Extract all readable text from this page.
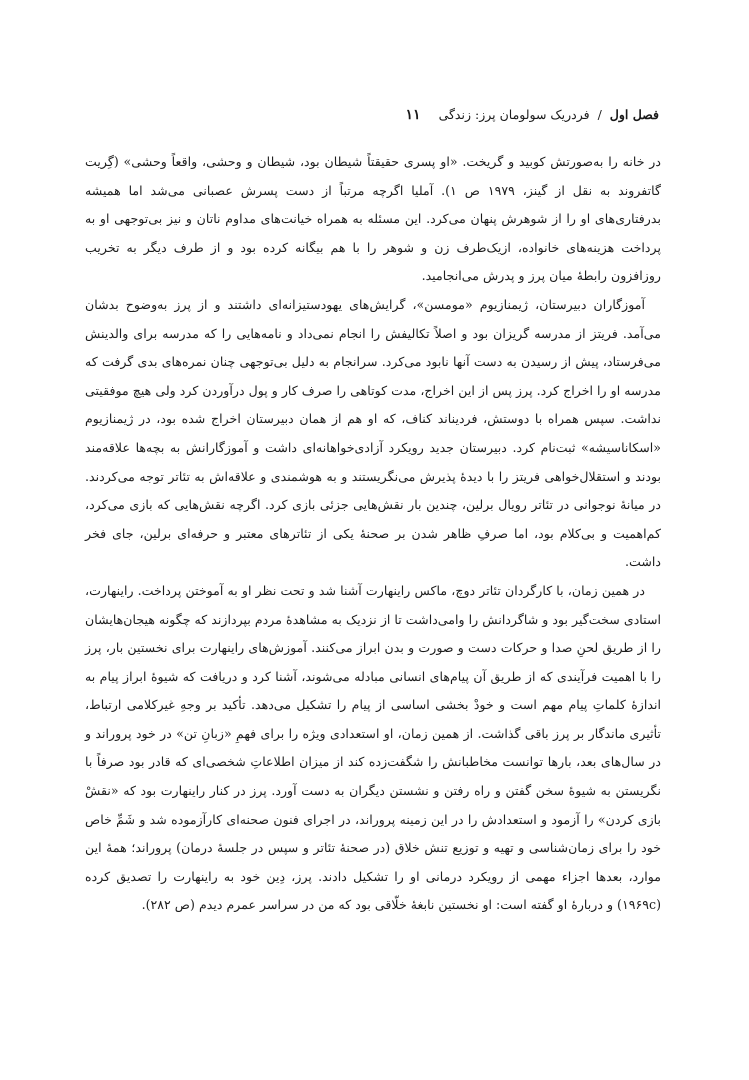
فصل اول / فردریک سولومان پرز: زندگی ۱۱

در خانه را به‌صورتش کوبید و گریخت. «او پسری حقیقتاً شیطان بود، شیطان و وحشی، واقعاً وحشی» (گِریت گاتفروند به نقل از گینز، ۱۹۷۹ ص ۱). آملیا اگرچه مرتباً از دست پسرش عصبانی می‌شد اما همیشه بدرفتاری‌های او را از شوهرش پنهان می‌کرد. این مسئله به همراه خیانت‌های مداوم ناتان و نیز بی‌توجهی او به پرداخت هزینه‌های خانواده، ازیک‌طرف زن و شوهر را با هم بیگانه کرده بود و از طرف دیگر به تخریب روزافزون رابطهٔ میان پرز و پدرش می‌انجامید.

آموزگاران دبیرستان، ژیمنازیوم «مومسن»، گرایش‌های یهودستیزانه‌ای داشتند و از پرز به‌وضوح بدشان می‌آمد. فریتز از مدرسه گریزان بود و اصلاً تکالیفش را انجام نمی‌داد و نامه‌هایی را که مدرسه برای والدینش می‌فرستاد، پیش از رسیدن به دست آنها نابود می‌کرد. سرانجام به دلیل بی‌توجهی چنان نمره‌های بدی گرفت که مدرسه او را اخراج کرد. پرز پس از این اخراج، مدت کوتاهی را صرف کار و پول درآوردن کرد ولی هیچ موفقیتی نداشت. سپس همراه با دوستش، فردیناند کناف، که او هم از همان دبیرستان اخراج شده بود، در ژیمنازیوم «اسکاناسیشه» ثبت‌نام کرد. دبیرستان جدید رویکرد آزادی‌خواهانه‌ای داشت و آموزگارانش به بچه‌ها علاقه‌مند بودند و استقلال‌خواهی فریتز را با دیدهٔ پذیرش می‌نگریستند و به هوشمندی و علاقه‌اش به تئاتر توجه می‌کردند. در میانهٔ نوجوانی در تئاتر رویال برلین، چندین بار نقش‌هایی جزئی بازی کرد. اگرچه نقش‌هایی که بازی می‌کرد، کم‌اهمیت و بی‌کلام بود، اما صرفِ ظاهر شدن بر صحنهٔ یکی از تئاترهای معتبر و حرفه‌ای برلین، جای فخر داشت.

در همین زمان، با کارگردان تئاتر دوچ، ماکس راینهارت آشنا شد و تحت نظر او به آموختن پرداخت. راینهارت، استادی سخت‌گیر بود و شاگردانش را وامی‌داشت تا از نزدیک به مشاهدهٔ مردم بپردازند که چگونه هیجان‌هایشان را از طریق لحنِ صدا و حرکات دست و صورت و بدن ابراز می‌کنند. آموزش‌های راینهارت برای نخستین بار، پرز را با اهمیت فرآیندی که از طریق آن پیام‌های انسانی مبادله می‌شوند، آشنا کرد و دریافت که شیوهٔ ابراز پیام به اندازهٔ کلماتِ پیام مهم است و خودْ بخشی اساسی از پیام را تشکیل می‌دهد. تأکید بر وجهِ غیرکلامی ارتباط، تأثیری ماندگار بر پرز باقی گذاشت. از همین زمان، او استعدادی ویژه را برای فهمِ «زبانِ تن» در خود پروراند و در سال‌های بعد، بارها توانست مخاطبانش را شگفت‌زده کند از میزان اطلاعاتِ شخصی‌ای که قادر بود صرفاً با نگریستن به شیوهٔ سخن گفتن و راه رفتن و نشستن دیگران به دست آورد. پرز در کنار راینهارت بود که «نقش‌ْ بازی کردن» را آزمود و استعدادش را در این زمینه پروراند، در اجرای فنون صحنه‌ای کارآزموده شد و شَمِّ خاص خود را برای زمان‌شناسی و تهیه و توزیع تنش خلاق (در صحنهٔ تئاتر و سپس در جلسهٔ درمان) پروراند؛ همهٔ این موارد، بعدها اجزاء مهمی از رویکرد درمانی او را تشکیل دادند. پرز، دِین خود به راینهارت را تصدیق کرده (۱۹۶۹c) و دربارهٔ او گفته است: او نخستین نابغهٔ خلّاقی بود که من در سراسر عمرم دیدم (ص ۲۸۲).
